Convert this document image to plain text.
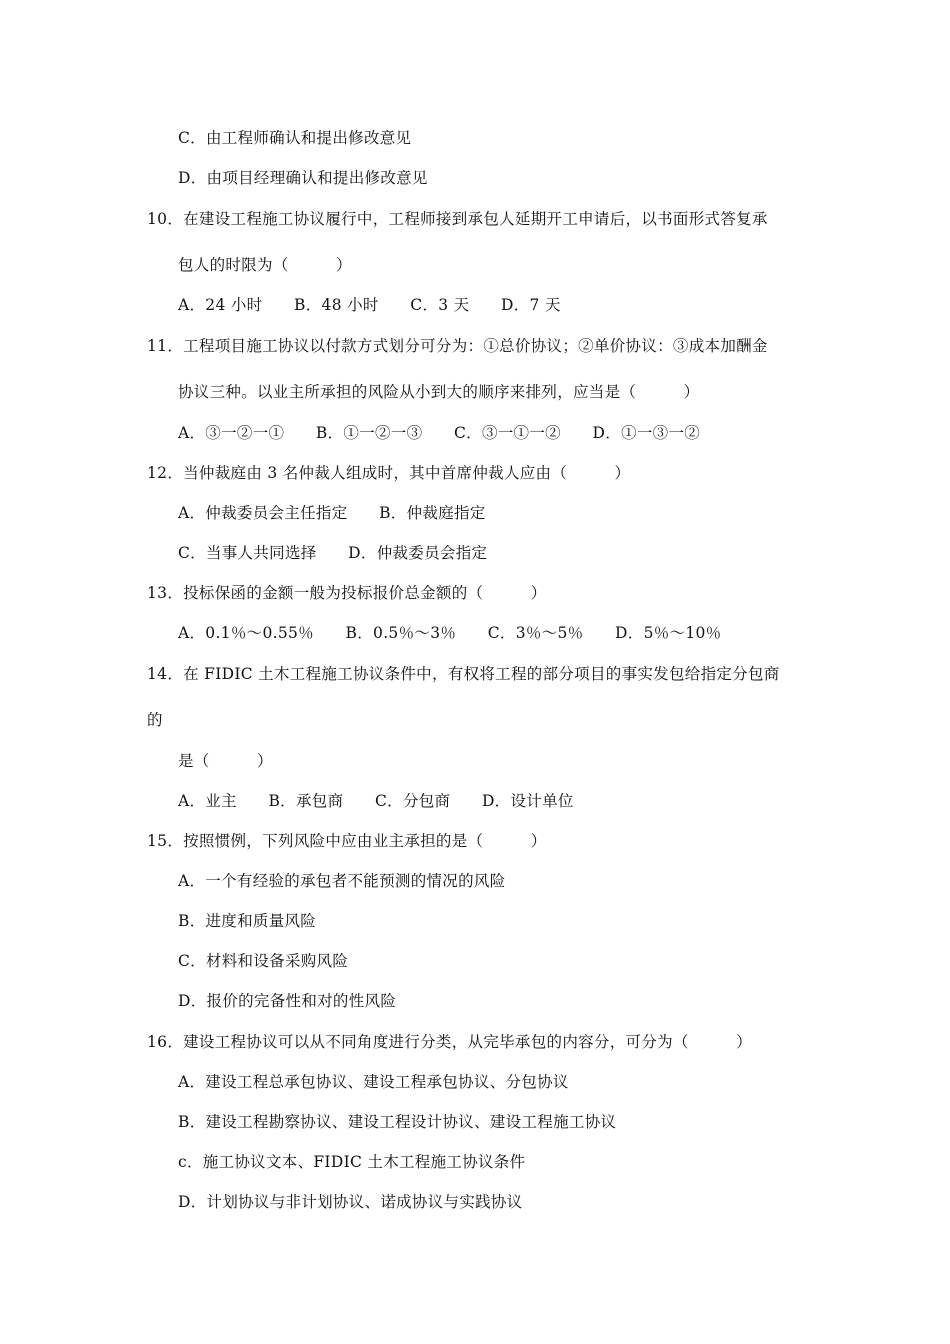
C．由工程师确认和提出修改意见
D．由项目经理确认和提出修改意见
10．在建设工程施工协议履行中，工程师接到承包人延期开工申请后，以书面形式答复承
包人的时限为（　　　）
A．24 小时　　B．48 小时　　C．3 天　　D．7 天
11．工程项目施工协议以付款方式划分可分为：①总价协议；②单价协议：③成本加酬金
协议三种。以业主所承担的风险从小到大的顺序来排列，应当是（　　　）
A．③一②一①　　B．①一②一③　　C．③一①一②　　D．①一③一②
12．当仲裁庭由 3 名仲裁人组成时，其中首席仲裁人应由（　　　）
A．仲裁委员会主任指定　　B．仲裁庭指定
C．当事人共同选择　　D．仲裁委员会指定
13．投标保函的金额一般为投标报价总金额的（　　　）
A．0.1％～0.55％　　B．0.5％～3％　　C．3％～5％　　D．5％～10％
14．在 FIDIC 土木工程施工协议条件中，有权将工程的部分项目的事实发包给指定分包商
的
是（　　　）
A．业主　　B．承包商　　C．分包商　　D．设计单位
15．按照惯例，下列风险中应由业主承担的是（　　　）
A．一个有经验的承包者不能预测的情况的风险
B．进度和质量风险
C．材料和设备采购风险
D．报价的完备性和对的性风险
16．建设工程协议可以从不同角度进行分类，从完毕承包的内容分，可分为（　　　）
A．建设工程总承包协议、建设工程承包协议、分包协议
B．建设工程勘察协议、建设工程设计协议、建设工程施工协议
c．施工协议文本、FIDIC 土木工程施工协议条件
D．计划协议与非计划协议、诺成协议与实践协议
